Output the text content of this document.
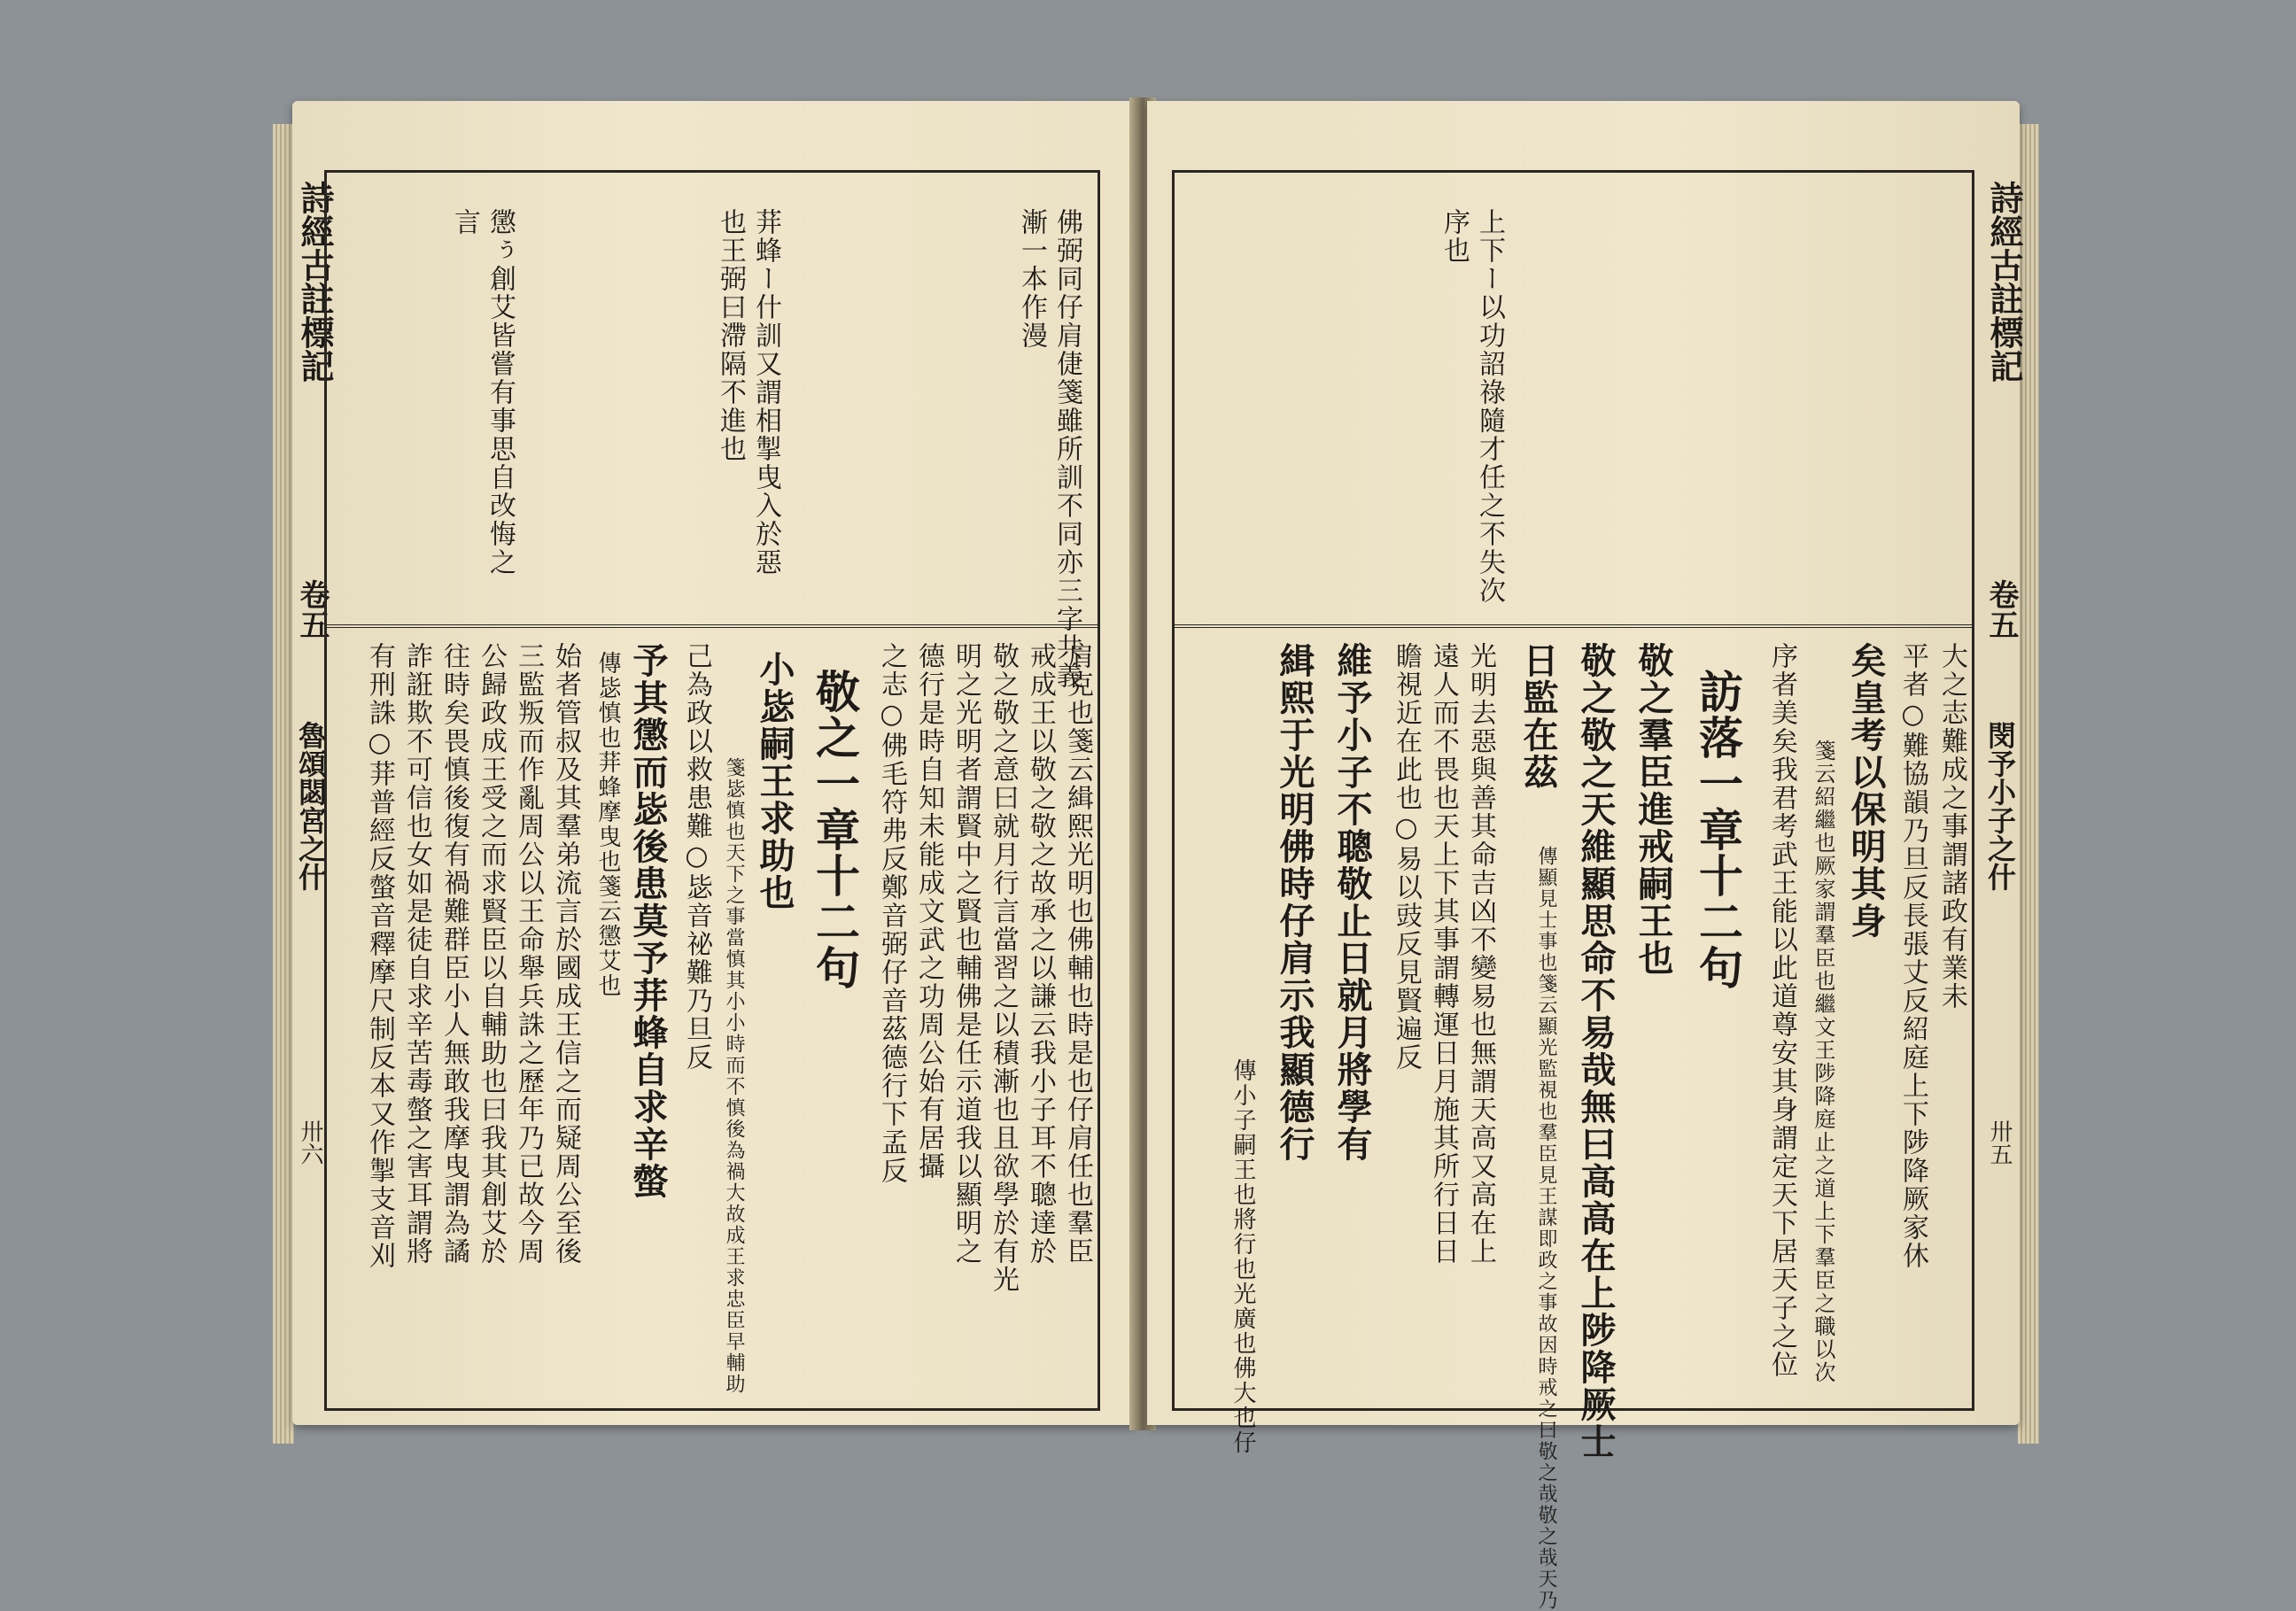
詩經古註標記
卷五
魯頌閟宮之什
卅六
佛弼同仔肩倢箋雖所訓不同亦三字共義
漸一本作漫
荓蜂ー什訓又謂相掣曳入於惡
也王弼曰滯隔不進也
懲ぅ創艾皆嘗有事思自改悔之
言
肩克也箋云緝熙光明也佛輔也時是也仔肩任也羣臣
戒成王以敬之敬之故承之以謙云我小子耳不聰達於
敬之敬之意曰就月行言當習之以積漸也且欲學於有光
明之光明者謂賢中之賢也輔佛是任示道我以顯明之
德行是時自知未能成文武之功周公始有居攝
之志○佛毛符弗反鄭音弼仔音茲德行下孟反
敬之一章十二句
小毖嗣王求助也
箋毖慎也天下之事當慎其小小時而不慎後為禍大故成王求忠臣早輔助
己為政以救患難○毖音祕難乃旦反
予其懲而毖後患莫予荓蜂自求辛螫
傳毖慎也荓蜂摩曳也箋云懲艾也
始者管叔及其羣弟流言於國成王信之而疑周公至後
三監叛而作亂周公以王命舉兵誅之歷年乃已故今周
公歸政成王受之而求賢臣以自輔助也曰我其創艾於
往時矣畏慎後復有禍難群臣小人無敢我摩曳謂為譎
詐誑欺不可信也女如是徒自求辛苦毒螫之害耳謂將
有刑誅○荓普經反螫音釋摩尺制反本又作掣支音刈
上下ー以功詔祿隨才任之不失次
序也
大之志難成之事謂諸政有業未
平者○難協韻乃旦反長張丈反紹庭上下陟降厥家休
矣皇考以保明其身
箋云紹繼也厥家謂羣臣也繼文王陟降庭止之道上下羣臣之職以次
序者美矣我君考武王能以此道尊安其身謂定天下居天子之位
訪落一章十二句
敬之羣臣進戒嗣王也
敬之敬之天維顯思命不易哉無曰高高在上陟降厥士
日監在茲
傳顯見士事也箋云顯光監視也羣臣見王謀即政之事故因時戒之曰敬之哉敬之哉天乃
光明去惡與善其命吉凶不變易也無謂天高又高在上
遠人而不畏也天上下其事謂轉運日月施其所行日日
瞻視近在此也○易以豉反見賢遍反
維予小子不聰敬止日就月將學有
緝熙于光明佛時仔肩示我顯德行
傳小子嗣王也將行也光廣也佛大也仔
詩經古註標記
卷五
閔予小子之什
卅五
